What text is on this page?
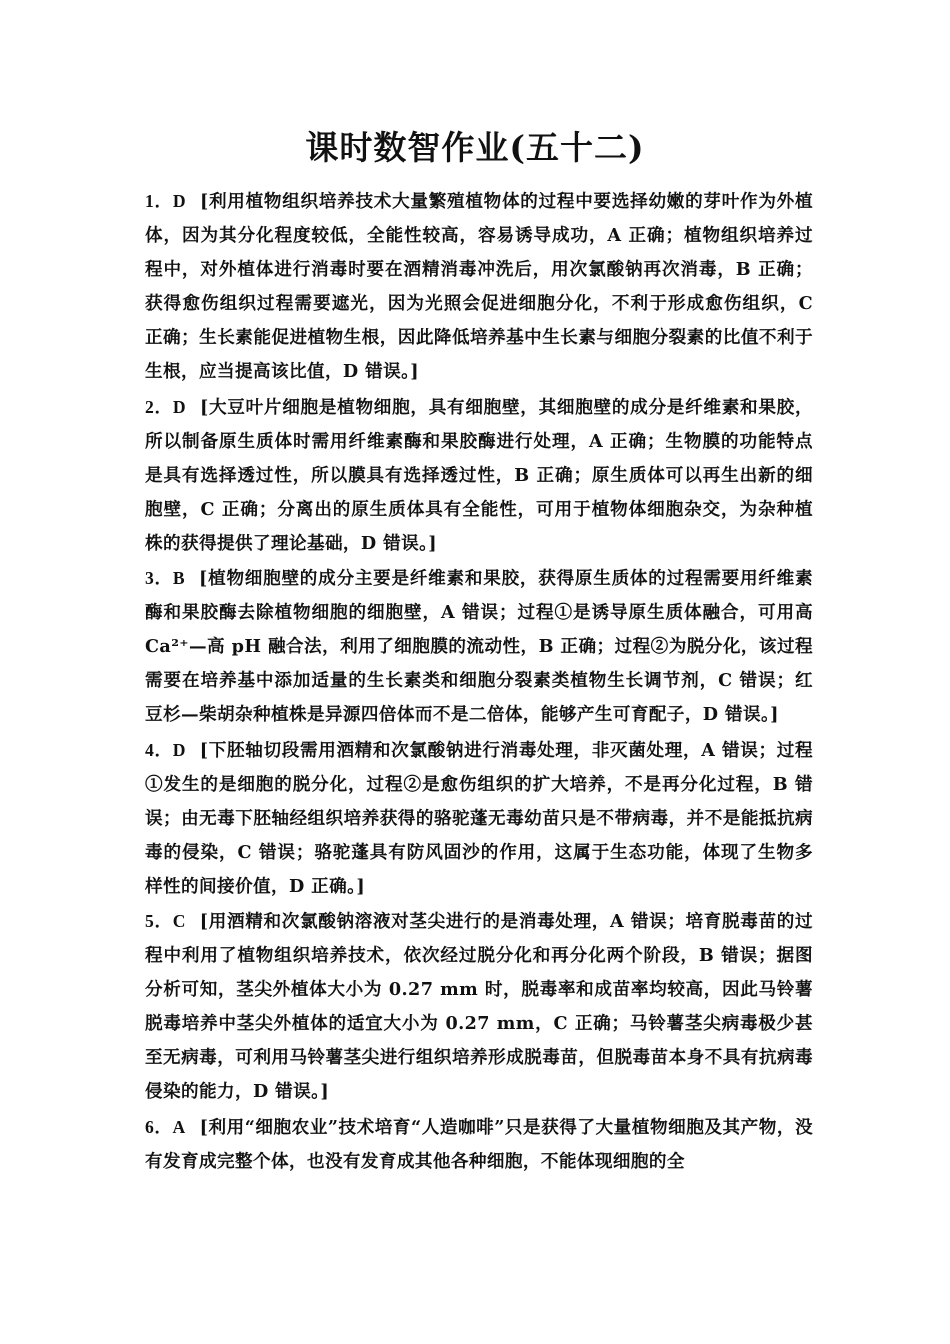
课时数智作业(五十二)

1．D [利用植物组织培养技术大量繁殖植物体的过程中要选择幼嫩的芽叶作为外植体，因为其分化程度较低，全能性较高，容易诱导成功，A 正确；植物组织培养过程中，对外植体进行消毒时要在酒精消毒冲洗后，用次氯酸钠再次消毒，B 正确；获得愈伤组织过程需要遮光，因为光照会促进细胞分化，不利于形成愈伤组织，C 正确；生长素能促进植物生根，因此降低培养基中生长素与细胞分裂素的比值不利于生根，应当提高该比值，D 错误。]

2．D [大豆叶片细胞是植物细胞，具有细胞壁，其细胞壁的成分是纤维素和果胶，所以制备原生质体时需用纤维素酶和果胶酶进行处理，A 正确；生物膜的功能特点是具有选择透过性，所以膜具有选择透过性，B 正确；原生质体可以再生出新的细胞壁，C 正确；分离出的原生质体具有全能性，可用于植物体细胞杂交，为杂种植株的获得提供了理论基础，D 错误。]

3．B [植物细胞壁的成分主要是纤维素和果胶，获得原生质体的过程需要用纤维素酶和果胶酶去除植物细胞的细胞壁，A 错误；过程①是诱导原生质体融合，可用高 Ca²⁺—高 pH 融合法，利用了细胞膜的流动性，B 正确；过程②为脱分化，该过程需要在培养基中添加适量的生长素类和细胞分裂素类植物生长调节剂，C 错误；红豆杉—柴胡杂种植株是异源四倍体而不是二倍体，能够产生可育配子，D 错误。]

4．D [下胚轴切段需用酒精和次氯酸钠进行消毒处理，非灭菌处理，A 错误；过程①发生的是细胞的脱分化，过程②是愈伤组织的扩大培养，不是再分化过程，B 错误；由无毒下胚轴经组织培养获得的骆驼蓬无毒幼苗只是不带病毒，并不是能抵抗病毒的侵染，C 错误；骆驼蓬具有防风固沙的作用，这属于生态功能，体现了生物多样性的间接价值，D 正确。]

5．C [用酒精和次氯酸钠溶液对茎尖进行的是消毒处理，A 错误；培育脱毒苗的过程中利用了植物组织培养技术，依次经过脱分化和再分化两个阶段，B 错误；据图分析可知，茎尖外植体大小为 0.27 mm 时，脱毒率和成苗率均较高，因此马铃薯脱毒培养中茎尖外植体的适宜大小为 0.27 mm，C 正确；马铃薯茎尖病毒极少甚至无病毒，可利用马铃薯茎尖进行组织培养形成脱毒苗，但脱毒苗本身不具有抗病毒侵染的能力，D 错误。]

6．A [利用“细胞农业”技术培育“人造咖啡”只是获得了大量植物细胞及其产物，没有发育成完整个体，也没有发育成其他各种细胞，不能体现细胞的全
